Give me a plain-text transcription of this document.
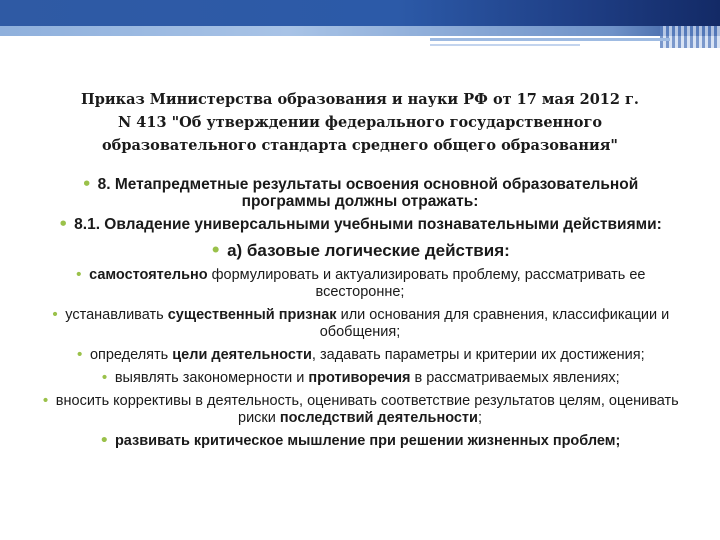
Приказ Министерства образования и науки РФ от 17 мая 2012 г.
N 413 "Об утверждении федерального государственного
образовательного стандарта среднего общего образования"

• 8. Метапредметные результаты освоения основной образовательной программы должны отражать:

• 8.1. Овладение универсальными учебными познавательными действиями:

• а) базовые логические действия:

• самостоятельно формулировать и актуализировать проблему, рассматривать ее всесторонне;

• устанавливать существенный признак или основания для сравнения, классификации и обобщения;

• определять цели деятельности, задавать параметры и критерии их достижения;

• выявлять закономерности и противоречия в рассматриваемых явлениях;

• вносить коррективы в деятельность, оценивать соответствие результатов целям, оценивать риски последствий деятельности;

• развивать критическое мышление при решении жизненных проблем;
